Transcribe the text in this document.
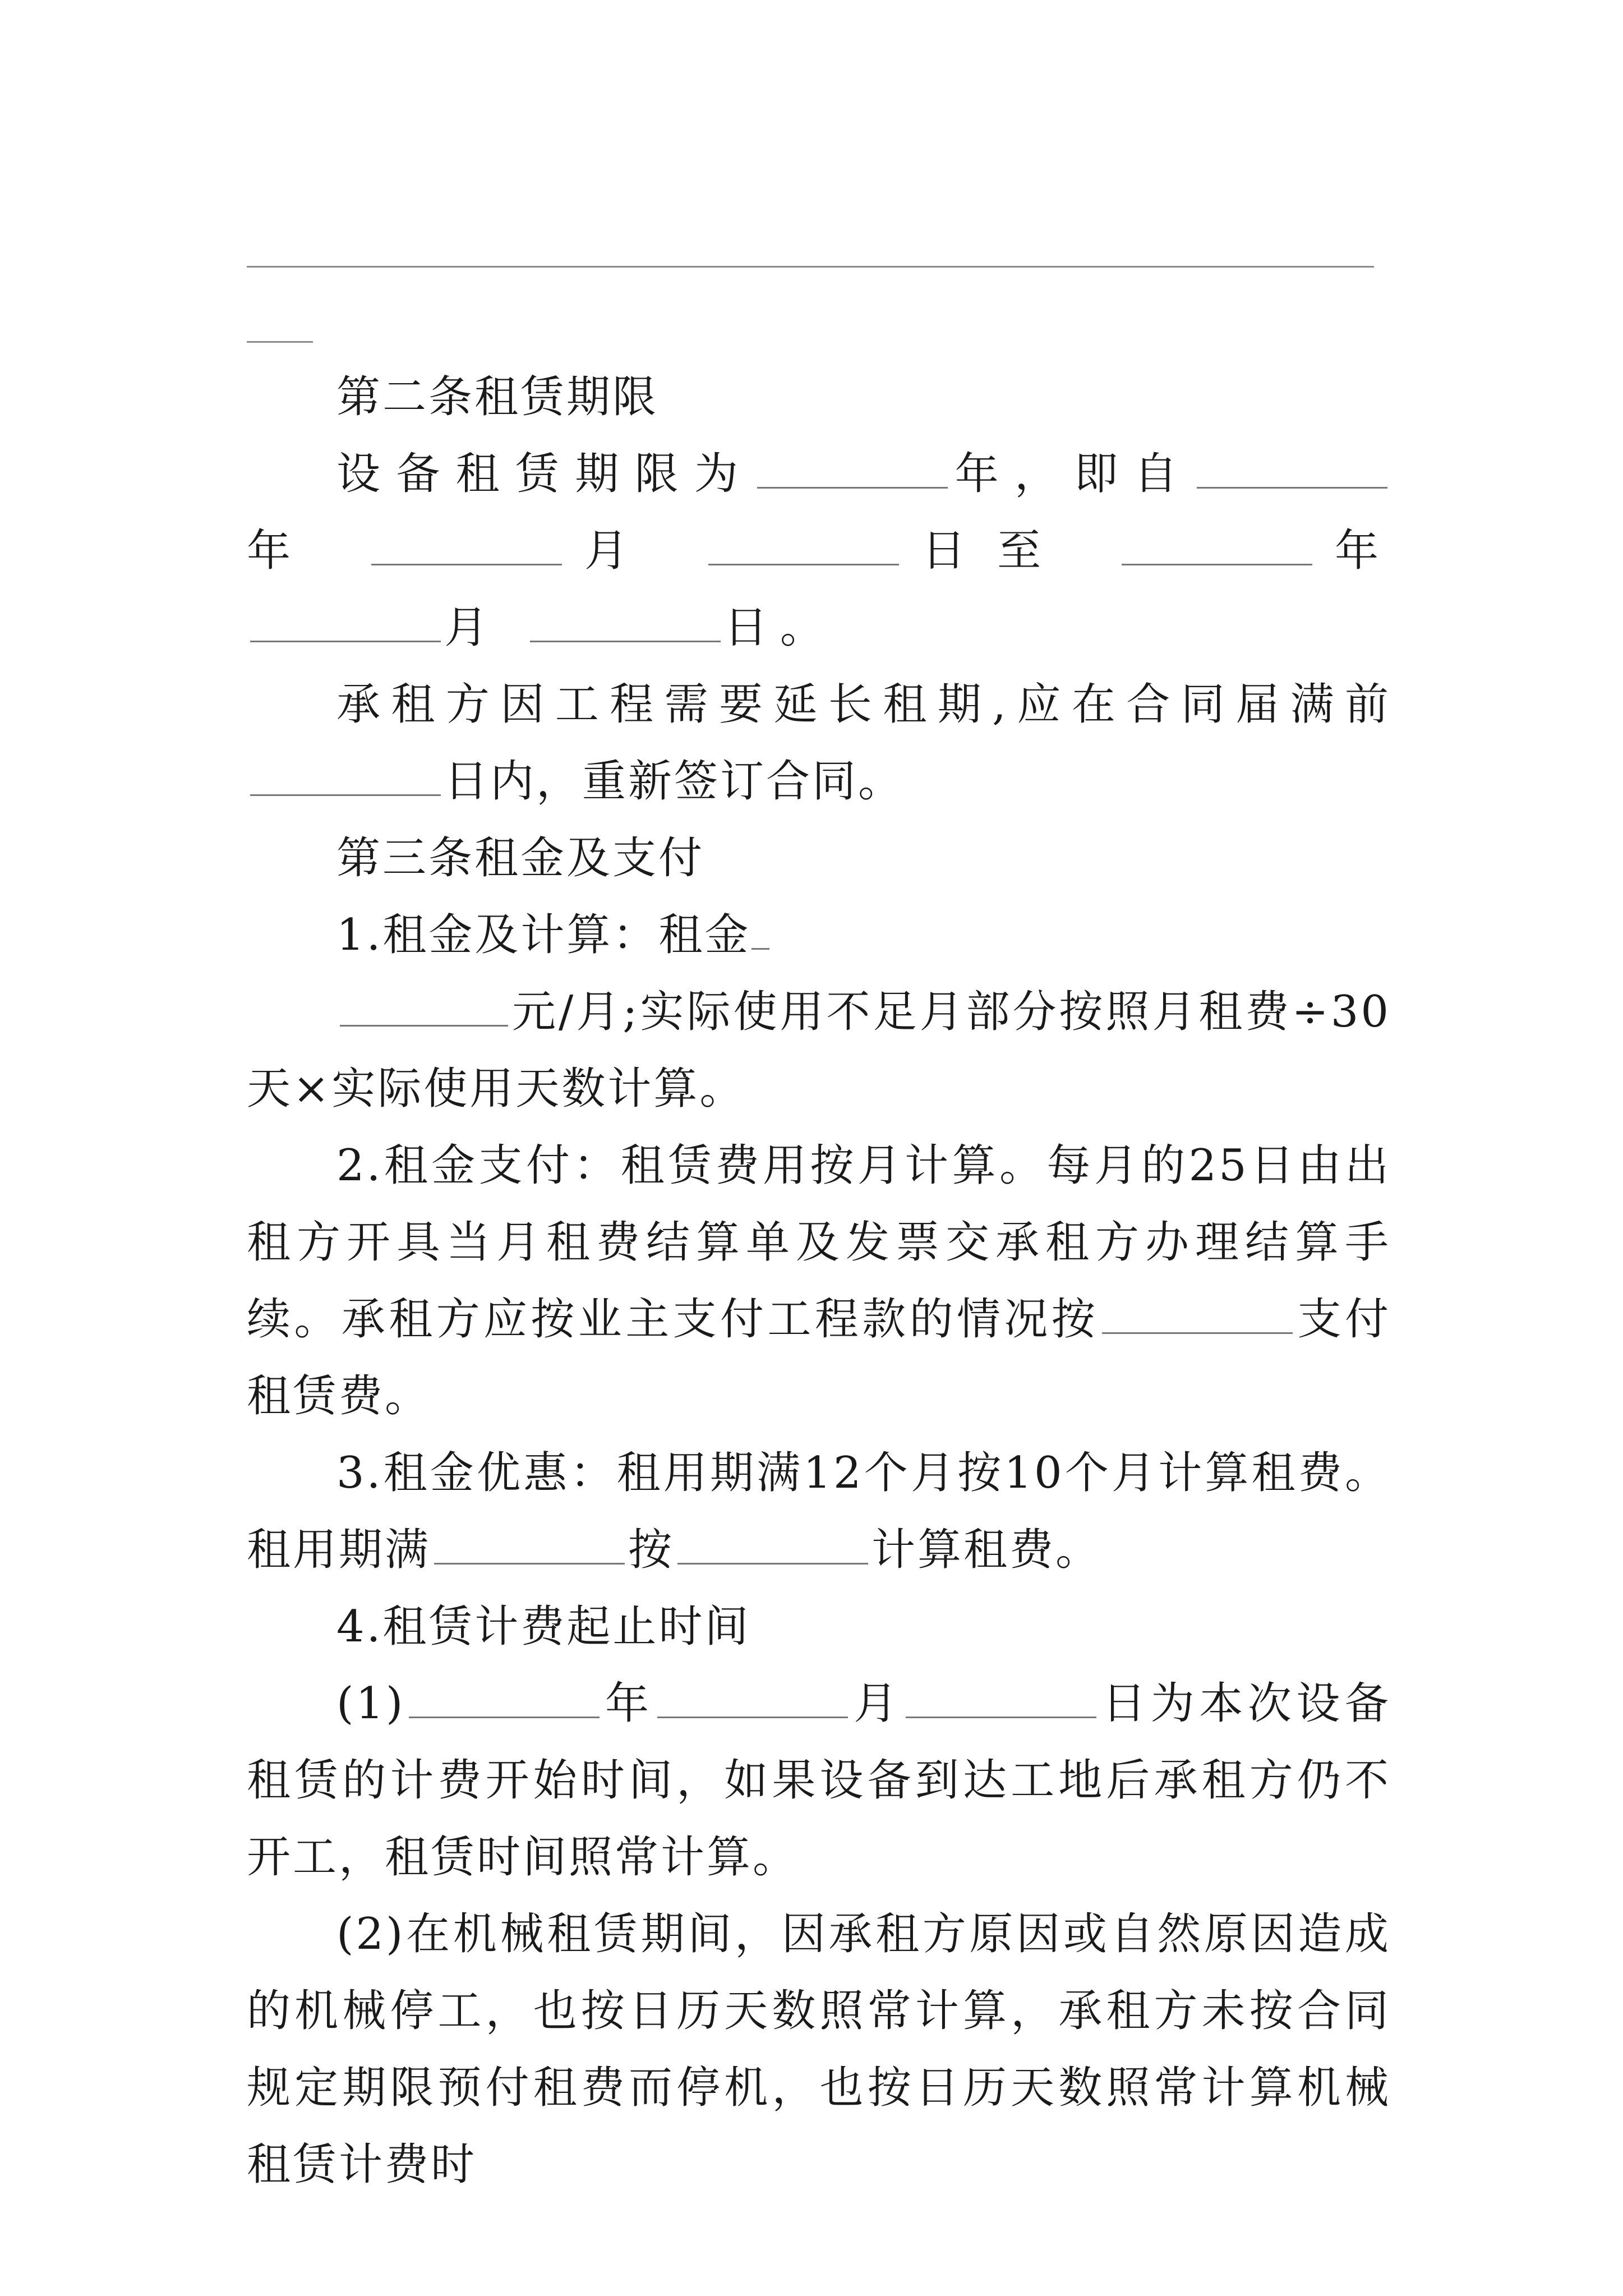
第二条租赁期限

设备租赁期限为	年，即自年	月	日至	年 月	日。

承租方因工程需要延长租期,应在合同届满前日内，重新签订合同。

第三条租金及支付

1.租金及计算：租金

元/月;实际使用不足月部分按照月租费÷30天×实际使用天数计算。

2.租金支付：租赁费用按月计算。每月的25日由出租方开具当月租费结算单及发票交承租方办理结算手续。承租方应按业主支付工程款的情况按	支付租赁费。

3.租金优惠：租用期满12个月按10个月计算租费。租用期满	按	计算租费。

4.租赁计费起止时间

(1)	年	月	日为本次设备租赁的计费开始时间，如果设备到达工地后承租方仍不开工，租赁时间照常计算。

(2)在机械租赁期间，因承租方原因或自然原因造成的机械停工，也按日历天数照常计算，承租方未按合同规定期限预付租费而停机，也按日历天数照常计算机械租赁计费时
